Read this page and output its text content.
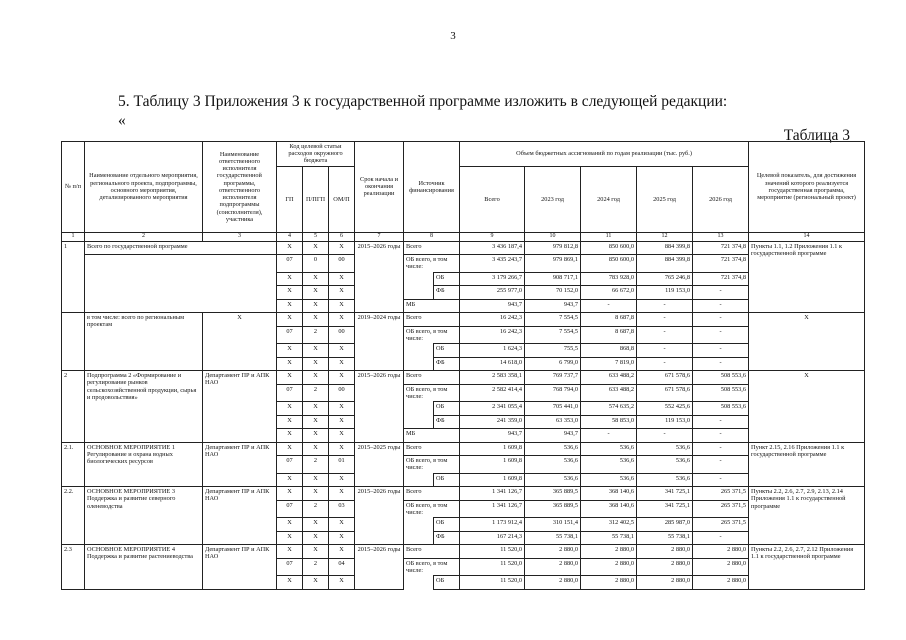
3
5. Таблицу 3 Приложения 3 к государственной программе изложить в следующей редакции:
«
Таблица 3
№ п/п	Наименование отдельного мероприятия, регионального проекта, подпрограммы, основного мероприятия, детализированного мероприятия	Наименование ответственного исполнителя государственной программы, ответственного исполнителя подпрограммы (соисполнителя), участника	Код целевой статьи расходов окружного бюджета			Срок начала и окончания реализации	Источник финансирования		Объем бюджетных ассигнований по годам реализации (тыс. руб.)					Целевой показатель, для достижения значений которого реализуется государственная программа, мероприятие (региональный проект)
			ГП	П/ПГП	ОМ/П				Всего	2023 год	2024 год	2025 год	2026 год	
1	2	3	4	5	6	7	8		9	10	11	12	13	14
1	Всего по государственной программе		X	X	X	2015–2026 годы	Всего		3 436 187,4	979 812,8	850 600,0	884 399,8	721 374,8	Пункты 1.1, 1.2 Приложения 1.1 к государственной программе
			07	0	00		ОБ всего, в том числе:		3 435 243,7	979 869,1	850 600,0	884 399,8	721 374,8	
			X	X	X			ОБ	3 179 266,7	908 717,1	783 928,0	765 246,8	721 374,8	
			X	X	X			ФБ	255 977,0	70 152,0	66 672,0	119 153,0	-	
			X	X	X		МБ		943,7	943,7	-	-	-	
	в том числе: всего по региональным проектам	X	X	X	X	2019–2024 годы	Всего		16 242,3	7 554,5	8 687,8	-	-	X
			07	2	00		ОБ всего, в том числе:		16 242,3	7 554,5	8 687,8	-	-	
			X	X	X			ОБ	1 624,3	755,5	868,8	-	-	
			X	X	X			ФБ	14 618,0	6 799,0	7 819,0	-	-	
2	Подпрограмма 2 «Формирование и регулирование рынков сельскохозяйственной продукции, сырья и продовольствия»	Департамент ПР и АПК НАО	X	X	X	2015–2026 годы	Всего		2 583 358,1	769 737,7	633 488,2	671 578,6	508 553,6	X
			07	2	00		ОБ всего, в том числе:		2 582 414,4	768 794,0	633 488,2	671 578,6	508 553,6	
			X	X	X			ОБ	2 341 055,4	705 441,0	574 635,2	552 425,6	508 553,6	
			X	X	X			ФБ	241 359,0	63 353,0	58 853,0	119 153,0	-	
			X	X	X		МБ		943,7	943,7	-	-	-	
2.1.	ОСНОВНОЕ МЕРОПРИЯТИЕ 1 Регулирование и охрана водных биологических ресурсов	Департамент ПР и АПК НАО	X	X	X	2015–2025 годы	Всего		1 609,8	536,6	536,6	536,6	-	Пункт 2.15, 2.16 Приложения 1.1 к государственной программе
			07	2	01		ОБ всего, в том числе:		1 609,8	536,6	536,6	536,6	-	
			X	X	X			ОБ	1 609,8	536,6	536,6	536,6	-	
2.2.	ОСНОВНОЕ МЕРОПРИЯТИЕ 3 Поддержка и развитие северного оленеводства	Департамент ПР и АПК НАО	X	X	X	2015–2026 годы	Всего		1 341 126,7	365 889,5	368 140,6	341 725,1	265 371,5	Пункты 2.2, 2.6, 2.7, 2.9, 2.13, 2.14 Приложения 1.1 к государственной программе
			07	2	03		ОБ всего, в том числе:		1 341 126,7	365 889,5	368 140,6	341 725,1	265 371,5	
			X	X	X			ОБ	1 173 912,4	310 151,4	312 402,5	285 987,0	265 371,5	
			X	X	X			ФБ	167 214,3	55 738,1	55 738,1	55 738,1	-	
2.3	ОСНОВНОЕ МЕРОПРИЯТИЕ 4 Поддержка и развитие растениеводства	Департамент ПР и АПК НАО	X	X	X	2015–2026 годы	Всего		11 520,0	2 880,0	2 880,0	2 880,0	2 880,0	Пункты 2.2, 2.6, 2.7, 2.12 Приложения 1.1 к государственной программе
			07	2	04		ОБ всего, в том числе:		11 520,0	2 880,0	2 880,0	2 880,0	2 880,0	
			X	X	X			ОБ	11 520,0	2 880,0	2 880,0	2 880,0	2 880,0	
